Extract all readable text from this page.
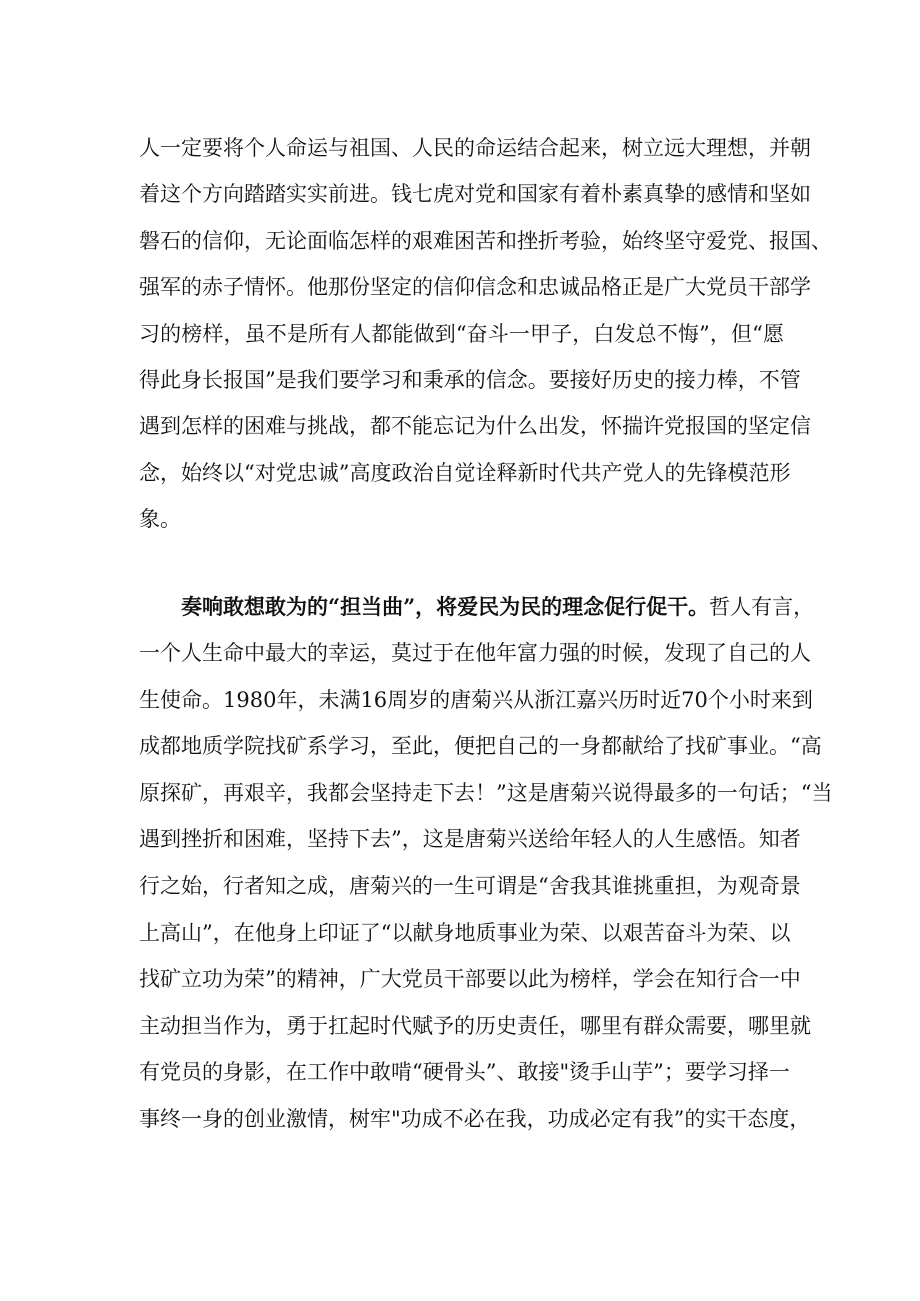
人一定要将个人命运与祖国、人民的命运结合起来，树立远大理想，并朝
着这个方向踏踏实实前进。钱七虎对党和国家有着朴素真挚的感情和坚如
磐石的信仰，无论面临怎样的艰难困苦和挫折考验，始终坚守爱党、报国、
强军的赤子情怀。他那份坚定的信仰信念和忠诚品格正是广大党员干部学
习的榜样，虽不是所有人都能做到“奋斗一甲子，白发总不悔”，但“愿
得此身长报国”是我们要学习和秉承的信念。要接好历史的接力棒，不管
遇到怎样的困难与挑战，都不能忘记为什么出发，怀揣许党报国的坚定信
念，始终以“对党忠诚”高度政治自觉诠释新时代共产党人的先锋模范形
象。
奏响敢想敢为的“担当曲”，将爱民为民的理念促行促干。哲人有言，
一个人生命中最大的幸运，莫过于在他年富力强的时候，发现了自己的人
生使命。1980年，未满16周岁的唐菊兴从浙江嘉兴历时近70个小时来到
成都地质学院找矿系学习，至此，便把自己的一身都献给了找矿事业。“高
原探矿，再艰辛，我都会坚持走下去！”这是唐菊兴说得最多的一句话；“当
遇到挫折和困难，坚持下去”，这是唐菊兴送给年轻人的人生感悟。知者
行之始，行者知之成，唐菊兴的一生可谓是“舍我其谁挑重担，为观奇景
上高山”，在他身上印证了“以献身地质事业为荣、以艰苦奋斗为荣、以
找矿立功为荣”的精神，广大党员干部要以此为榜样，学会在知行合一中
主动担当作为，勇于扛起时代赋予的历史责任，哪里有群众需要，哪里就
有党员的身影，在工作中敢啃“硬骨头”、敢接"烫手山芋”；要学习择一
事终一身的创业激情，树牢"功成不必在我，功成必定有我”的实干态度，
